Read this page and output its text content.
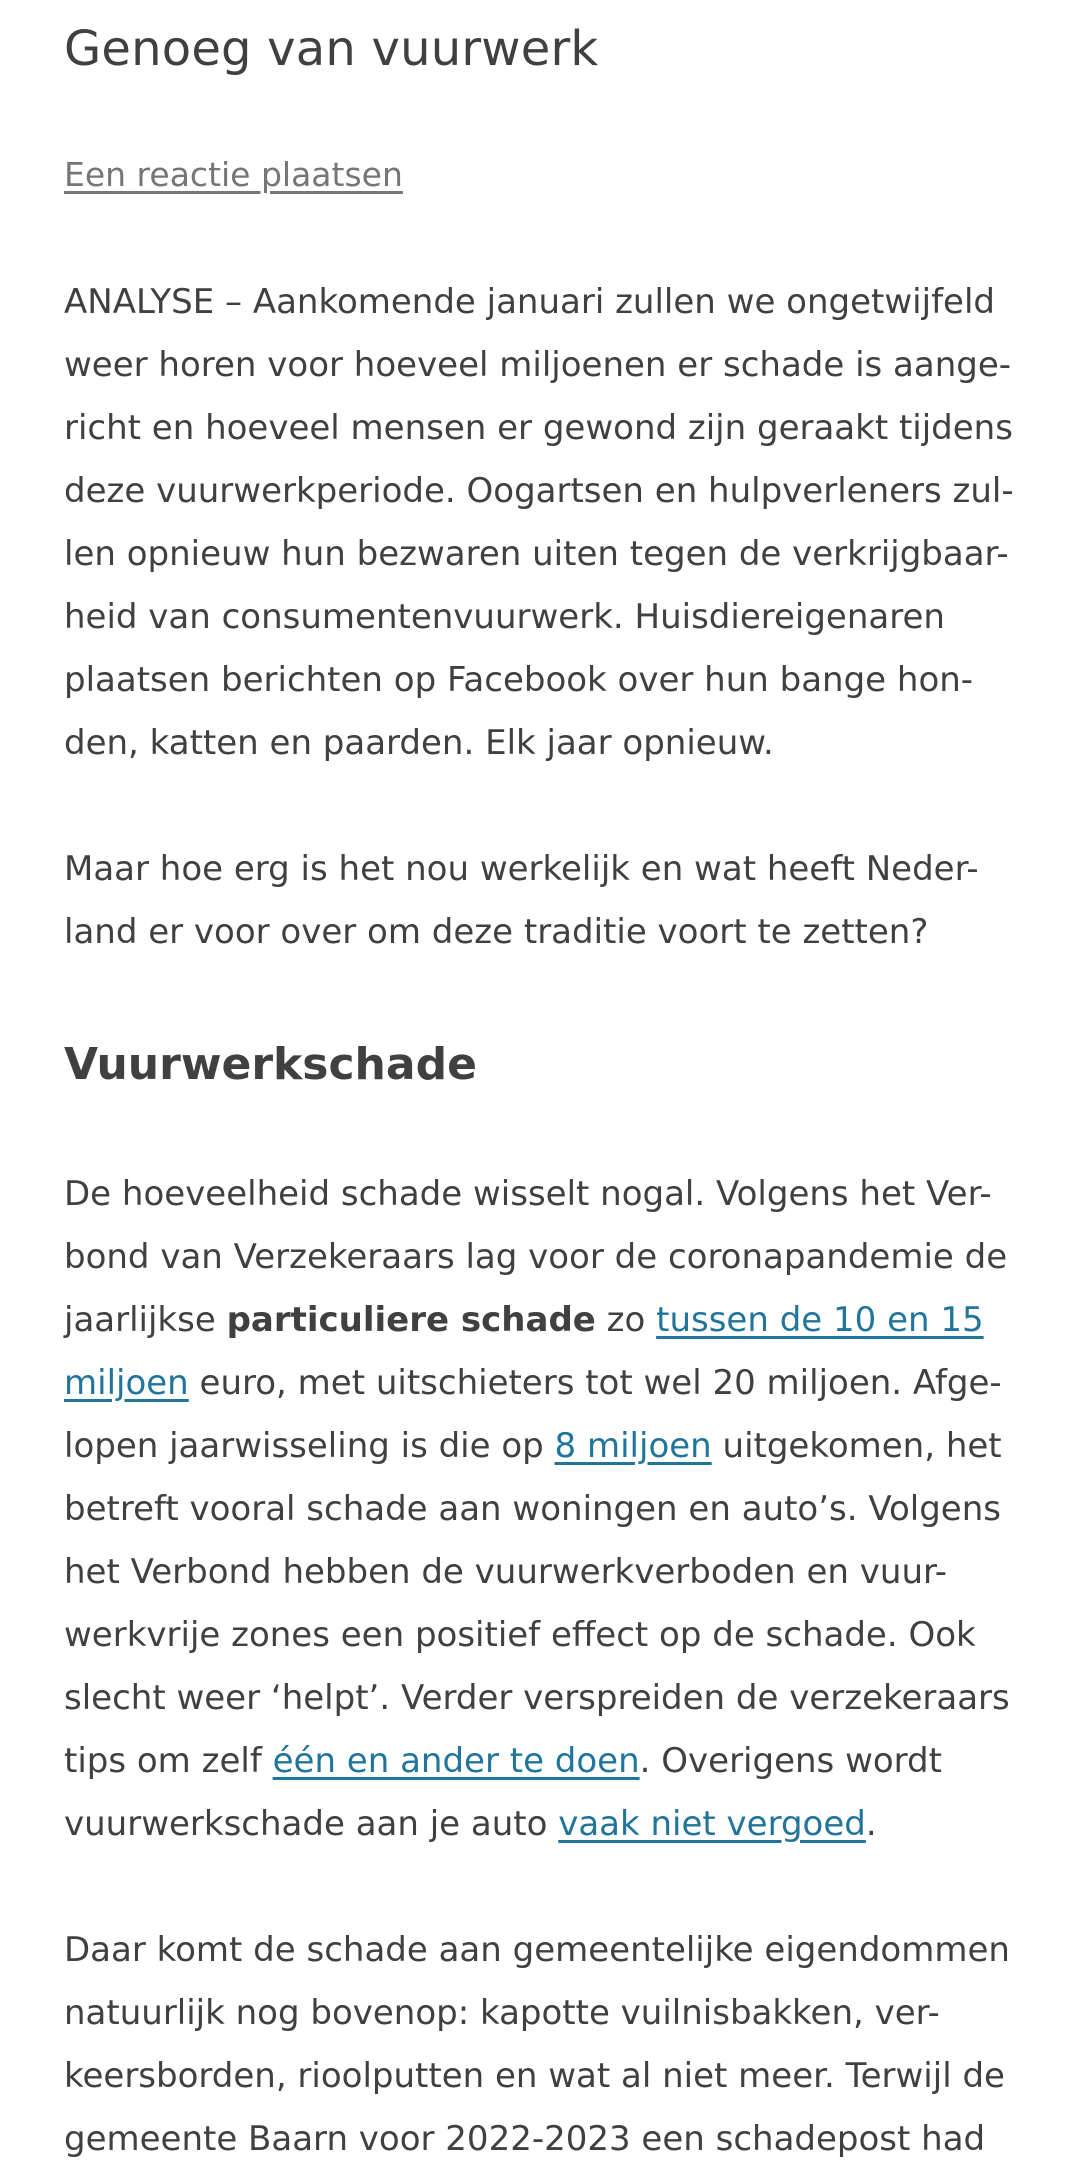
Genoeg van vuurwerk
Een reactie plaatsen

ANALYSE – Aankomende januari zullen we ongetwijfeld
weer horen voor hoeveel miljoenen er schade is aange-
richt en hoeveel mensen er gewond zijn geraakt tijdens
deze vuurwerkperiode. Oogartsen en hulpverleners zul-
len opnieuw hun bezwaren uiten tegen de verkrijgbaar-
heid van consumentenvuurwerk. Huisdiereigenaren
plaatsen berichten op Facebook over hun bange hon-
den, katten en paarden. Elk jaar opnieuw.

Maar hoe erg is het nou werkelijk en wat heeft Neder-
land er voor over om deze traditie voort te zetten?

Vuurwerkschade

De hoeveelheid schade wisselt nogal. Volgens het Ver-
bond van Verzekeraars lag voor de coronapandemie de
jaarlijkse particuliere schade zo tussen de 10 en 15
miljoen euro, met uitschieters tot wel 20 miljoen. Afge-
lopen jaarwisseling is die op 8 miljoen uitgekomen, het
betreft vooral schade aan woningen en auto’s. Volgens
het Verbond hebben de vuurwerkverboden en vuur-
werkvrije zones een positief effect op de schade. Ook
slecht weer ‘helpt’. Verder verspreiden de verzekeraars
tips om zelf één en ander te doen. Overigens wordt
vuurwerkschade aan je auto vaak niet vergoed.

Daar komt de schade aan gemeentelijke eigendommen
natuurlijk nog bovenop: kapotte vuilnisbakken, ver-
keersborden, rioolputten en wat al niet meer. Terwijl de
gemeente Baarn voor 2022-2023 een schadepost had
